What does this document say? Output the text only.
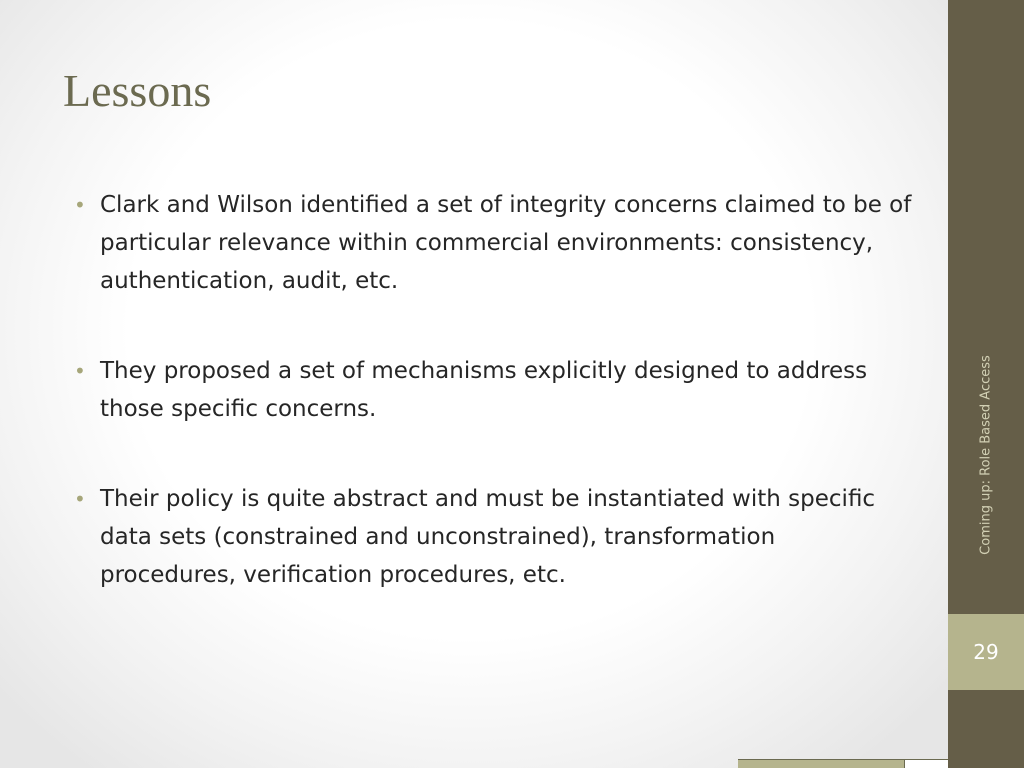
Lessons
• Clark and Wilson identified a set of integrity concerns claimed to be of particular relevance within commercial environments: consistency, authentication, audit, etc.
• They proposed a set of mechanisms explicitly designed to address those specific concerns.
• Their policy is quite abstract and must be instantiated with specific data sets (constrained and unconstrained), transformation procedures, verification procedures, etc.
Coming up: Role Based Access
29
